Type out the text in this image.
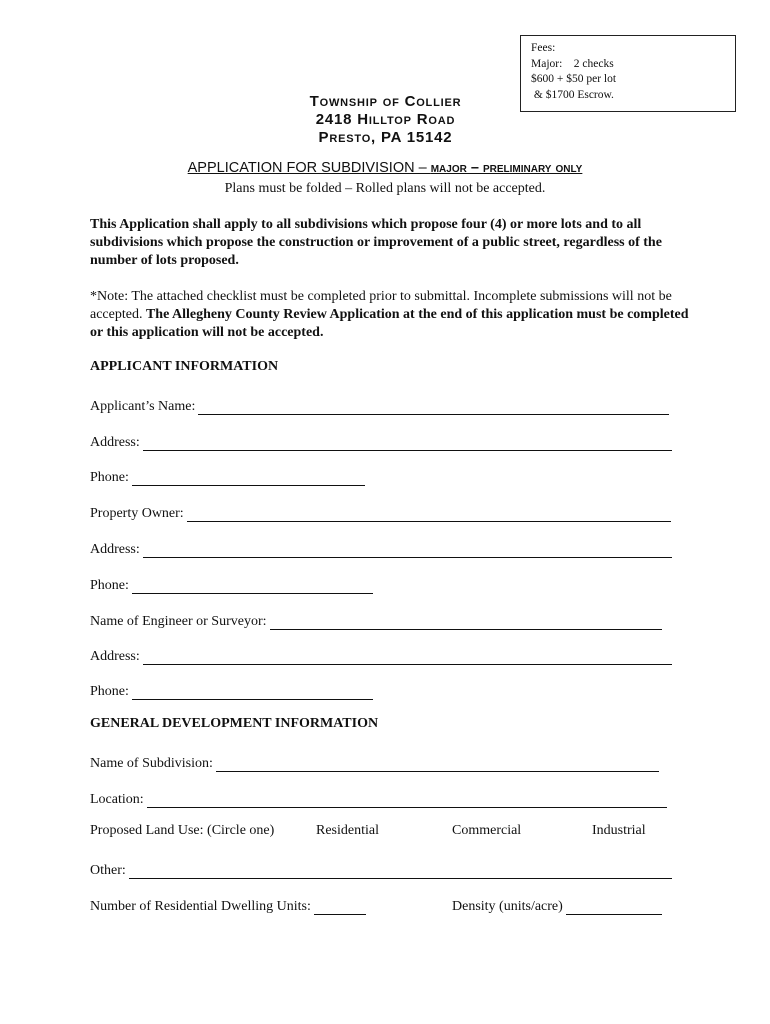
Fees:
Major:    2 checks
$600 + $50 per lot
& $1700 Escrow.
Township of Collier
2418 Hilltop Road
Presto, PA 15142
APPLICATION FOR SUBDIVISION – major – preliminary only
Plans must be folded – Rolled plans will not be accepted.
This Application shall apply to all subdivisions which propose four (4) or more lots and to all subdivisions which propose the construction or improvement of a public street, regardless of the number of lots proposed.
*Note: The attached checklist must be completed prior to submittal. Incomplete submissions will not be accepted. The Allegheny County Review Application at the end of this application must be completed or this application will not be accepted.
APPLICANT INFORMATION
Applicant’s Name:
Address:
Phone:
Property Owner:
Address:
Phone:
Name of Engineer or Surveyor:
Address:
Phone:
GENERAL DEVELOPMENT INFORMATION
Name of Subdivision:
Location:
Proposed Land Use: (Circle one)	Residential	Commercial	Industrial
Other:
Number of Residential Dwelling Units:	Density (units/acre)
